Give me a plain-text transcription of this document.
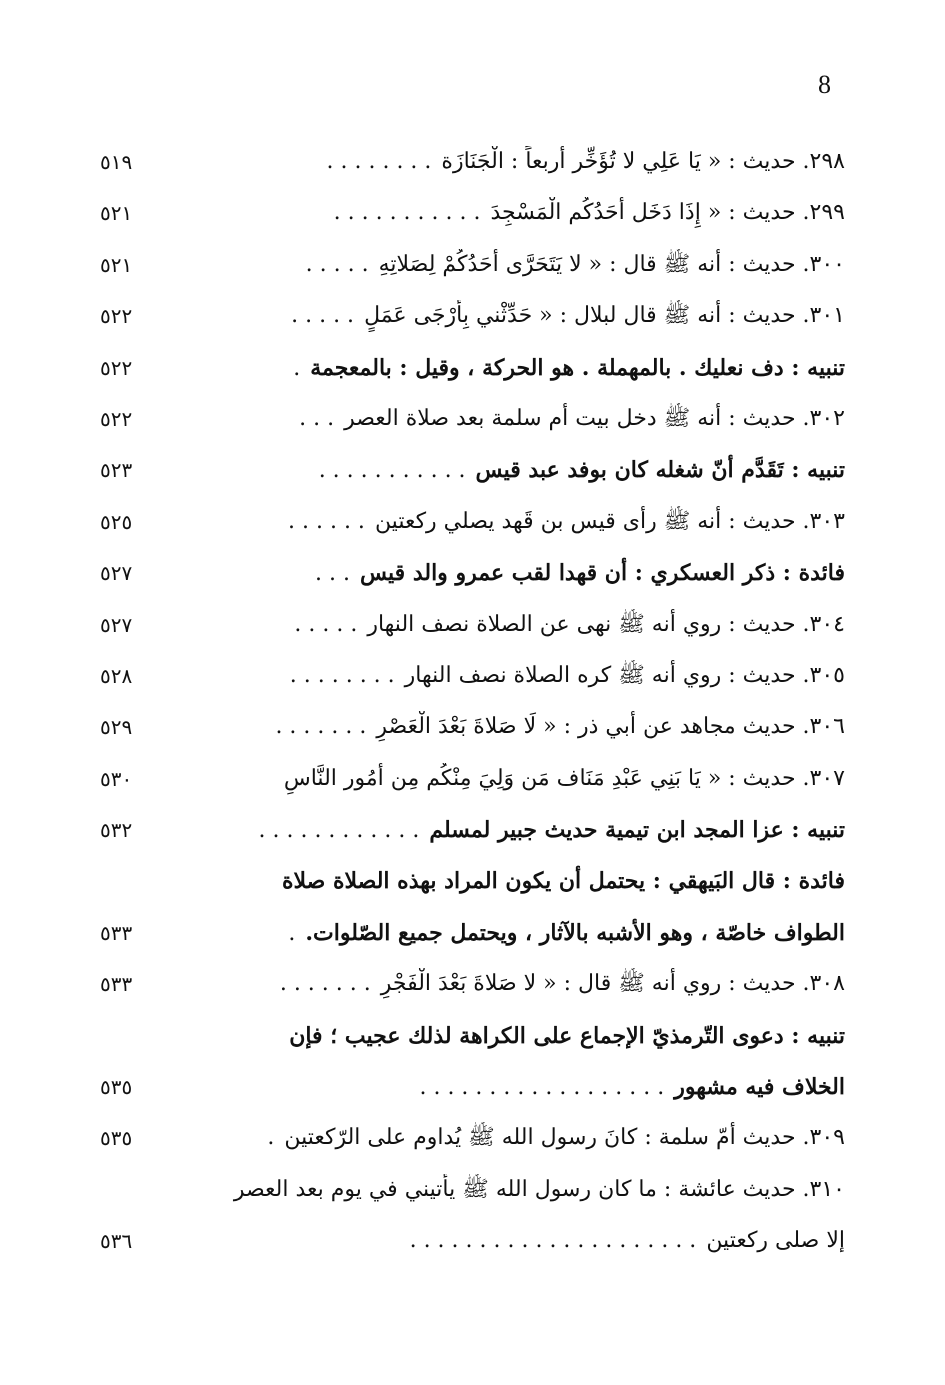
8
٢٩٨. حديث : « يَا عَلِي لا تُؤَخِّر أربعاً : الْجَنَازَة. . . . . . . .
٥١٩
٢٩٩. حديث : « إِذَا دَخَل أَحَدُكُم الْمَسْجِدَ. . . . . . . . . . .
٥٢١
٣٠٠. حديث : أنه ﷺ قال : « لا يَتَحَرَّى أَحَدُكُمْ لِصَلاتِهِ. . . . .
٥٢١
٣٠١. حديث : أنه ﷺ قال لبلال : « حَدِّثْني بِأَرْجَى عَمَلٍ. . . . .
٥٢٢
تنبيه : دف نعليك . بالمهملة . هو الحركة ، وقيل : بالمعجمة.
٥٢٢
٣٠٢. حديث : أنه ﷺ دخل بيت أم سلمة بعد صلاة العصر. . .
٥٢٢
تنبيه : تَقَدَّم أنّ شغله كان بوفد عبد قيس. . . . . . . . . . .
٥٢٣
٣٠٣. حديث : أنه ﷺ رأى قيس بن قَهد يصلي ركعتين. . . . . .
٥٢٥
فائدة : ذكر العسكري : أن قهدا لقب عمرو والد قيس. . .
٥٢٧
٣٠٤. حديث : روي أنه ﷺ نهى عن الصلاة نصف النهار. . . . .
٥٢٧
٣٠٥. حديث : روي أنه ﷺ كره الصلاة نصف النهار. . . . . . . .
٥٢٨
٣٠٦. حديث مجاهد عن أبي ذر : « لَا صَلاةَ بَعْدَ الْعَصْرِ. . . . . . .
٥٢٩
٣٠٧. حديث : « يَا بَنِي عَبْدِ مَنَاف مَن وَلِيَ مِنْكُم مِن أُمُور النَّاسِ
٥٣٠
تنبيه : عزا المجد ابن تيمية حديث جبير لمسلم. . . . . . . . . . . .
٥٣٢
فائدة : قال البَيهقي : يحتمل أن يكون المراد بهذه الصلاة صلاة
الطواف خاصّة ، وهو الأشبه بالآثار ، ويحتمل جميع الصّلوات..
٥٣٣
٣٠٨. حديث : روي أنه ﷺ قال : « لا صَلاةَ بَعْدَ الْفَجْرِ. . . . . . .
٥٣٣
تنبيه : دعوى التّرمذيّ الإجماع على الكراهة لذلك عجيب ؛ فإن
الخلاف فيه مشهور. . . . . . . . . . . . . . . . . .
٥٣٥
٣٠٩. حديث أمّ سلمة : كانَ رسول الله ﷺ يُداوم على الرّكعتين.
٥٣٥
٣١٠. حديث عائشة : ما كان رسول الله ﷺ يأتيني في يوم بعد العصر
إلا صلى ركعتين. . . . . . . . . . . . . . . . . . . . .
٥٣٦
